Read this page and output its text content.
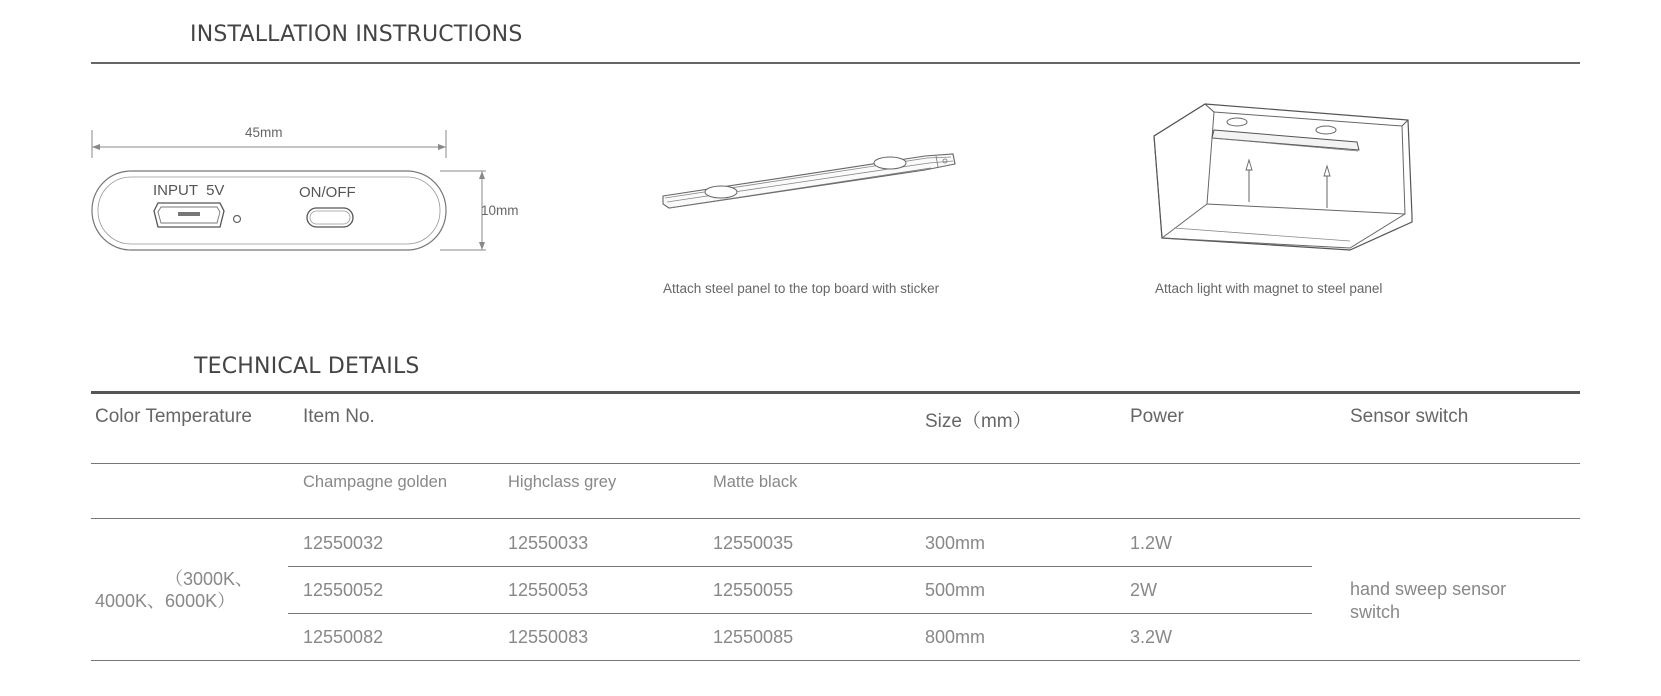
INSTALLATION INSTRUCTIONS
45mm
10mm
INPUT  5V	ON/OFF
Attach steel panel to the top board with sticker	Attach light with magnet to steel panel
TECHNICAL DETAILS
Color Temperature	Item No.	Size（mm）	Power	Sensor switch
Champagne golden	Highclass grey	Matte black
（3000K、
4000K、6000K）
12550032	12550033	12550035	300mm	1.2W
12550052	12550053	12550055	500mm	2W
12550082	12550083	12550085	800mm	3.2W
hand sweep sensor
switch
